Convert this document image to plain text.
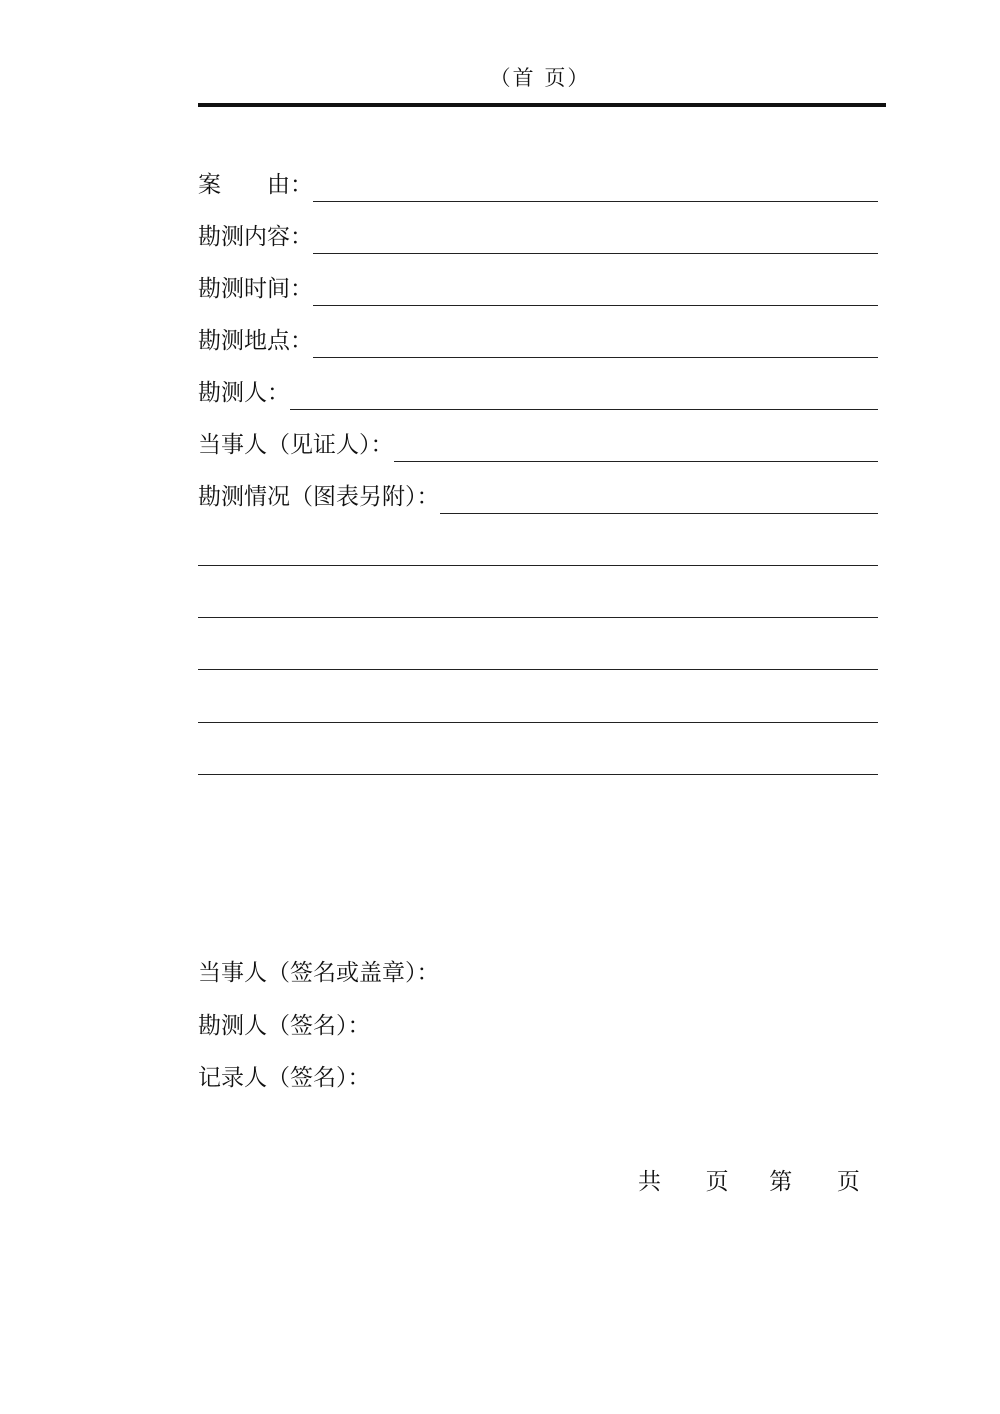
（首 页）
案　　由：
勘测内容：
勘测时间：
勘测地点：
勘测人：
当事人（见证人）：
勘测情况（图表另附）：
当事人（签名或盖章）：
勘测人（签名）：
记录人（签名）：
共 页 第 页
